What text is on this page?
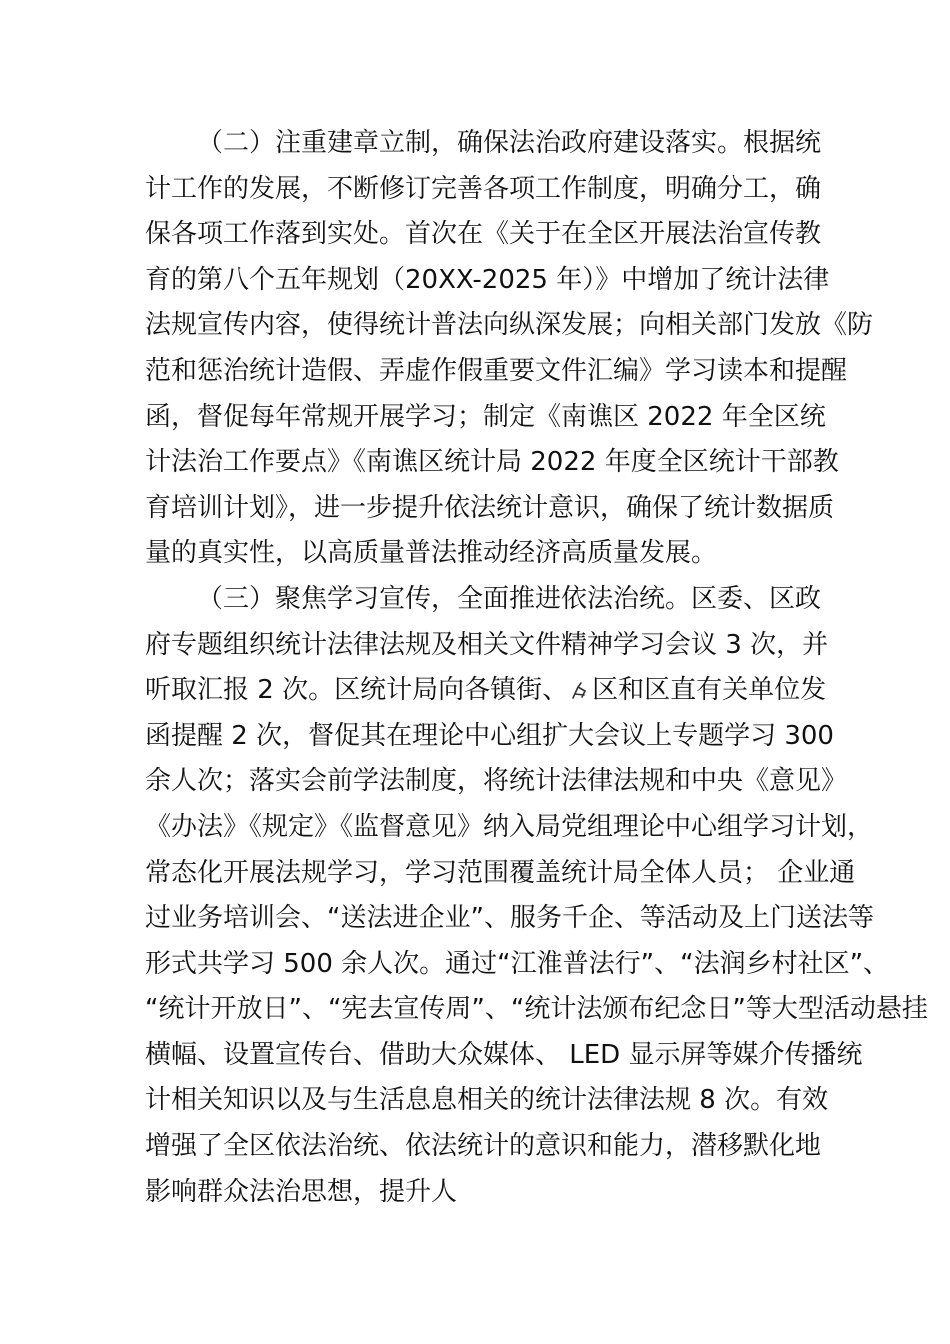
（二）注重建章立制，确保法治政府建设落实。根据统
计工作的发展，不断修订完善各项工作制度，明确分工，确
保各项工作落到实处。首次在《关于在全区开展法治宣传教
育的第八个五年规划（20XX-2025 年）》中增加了统计法律
法规宣传内容，使得统计普法向纵深发展；向相关部门发放《防
范和惩治统计造假、弄虚作假重要文件汇编》学习读本和提醒
函，督促每年常规开展学习；制定《南谯区 2022 年全区统
计法治工作要点》《南谯区统计局 2022 年度全区统计干部教
育培训计划》，进一步提升依法统计意识，确保了统计数据质
量的真实性，以高质量普法推动经济高质量发展。
（三）聚焦学习宣传，全面推进依法治统。区委、区政
府专题组织统计法律法规及相关文件精神学习会议 3 次，并
听取汇报 2 次。区统计局向各镇街、 区和区直有关单位发
函提醒 2 次，督促其在理论中心组扩大会议上专题学习 300
余人次；落实会前学法制度，将统计法律法规和中央《意见》
《办法》《规定》《监督意见》纳入局党组理论中心组学习计划，
常态化开展法规学习，学习范围覆盖统计局全体人员； 企业通
过业务培训会、“送法进企业”、服务千企、等活动及上门送法等
形式共学习 500 余人次。通过“江淮普法行”、“法润乡村社区”、
“统计开放日”、“宪去宣传周”、“统计法颁布纪念日”等大型活动悬挂
横幅、设置宣传台、借助大众媒体、 LED 显示屏等媒介传播统
计相关知识以及与生活息息相关的统计法律法规 8 次。有效
增强了全区依法治统、依法统计的意识和能力，潜移默化地
影响群众法治思想，提升人
